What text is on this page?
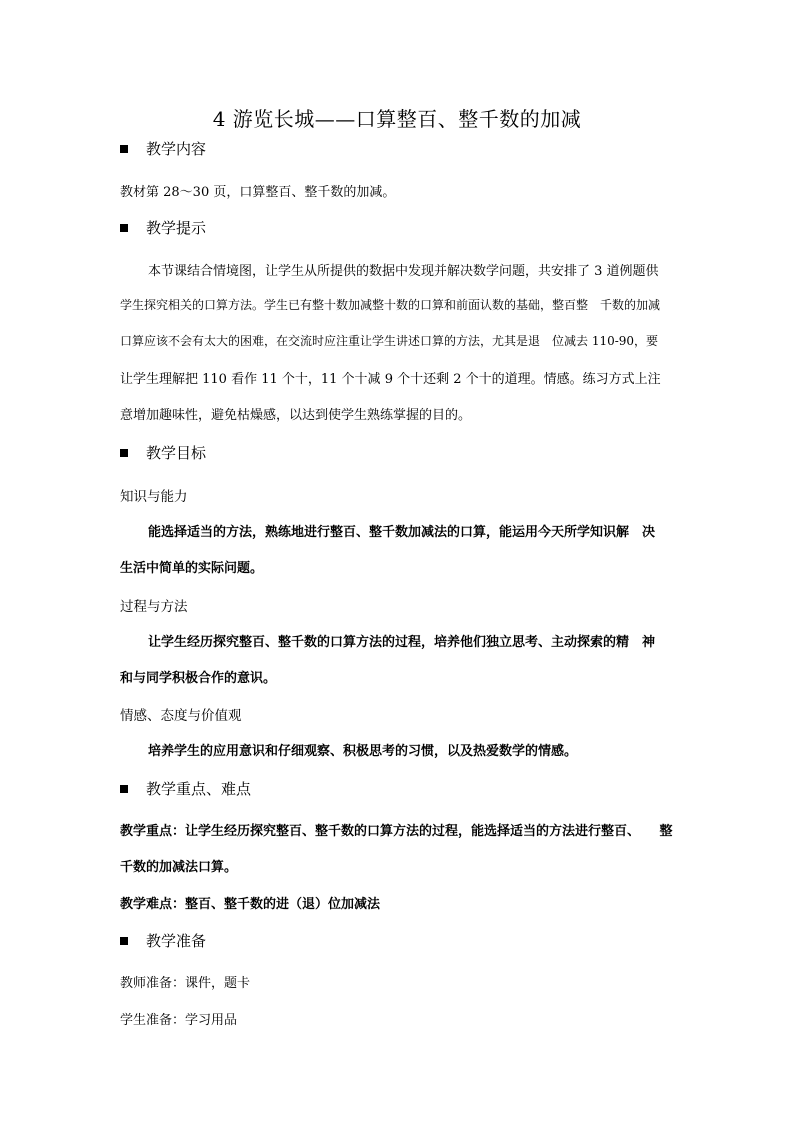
4 游览长城——口算整百、整千数的加减
教学内容
教材第 28～30 页，口算整百、整千数的加减。
教学提示
本节课结合情境图，让学生从所提供的数据中发现并解决数学问题，共安排了 3 道例题供
学生探究相关的口算方法。学生已有整十数加减整十数的口算和前面认数的基础，整百整　千数的加减
口算应该不会有太大的困难，在交流时应注重让学生讲述口算的方法，尤其是退　位减去 110-90，要
让学生理解把 110 看作 11 个十，11 个十减 9 个十还剩 2 个十的道理。情感。练习方式上注
意增加趣味性，避免枯燥感，以达到使学生熟练掌握的目的。
教学目标
知识与能力
能选择适当的方法，熟练地进行整百、整千数加减法的口算，能运用今天所学知识解　决
生活中简单的实际问题。
过程与方法
让学生经历探究整百、整千数的口算方法的过程，培养他们独立思考、主动探索的精　神
和与同学积极合作的意识。
情感、态度与价值观
培养学生的应用意识和仔细观察、积极思考的习惯，以及热爱数学的情感。
教学重点、难点
教学重点：让学生经历探究整百、整千数的口算方法的过程，能选择适当的方法进行整百、　　整
千数的加减法口算。
教学难点：整百、整千数的进（退）位加减法
教学准备
教师准备：课件，题卡
学生准备：学习用品
